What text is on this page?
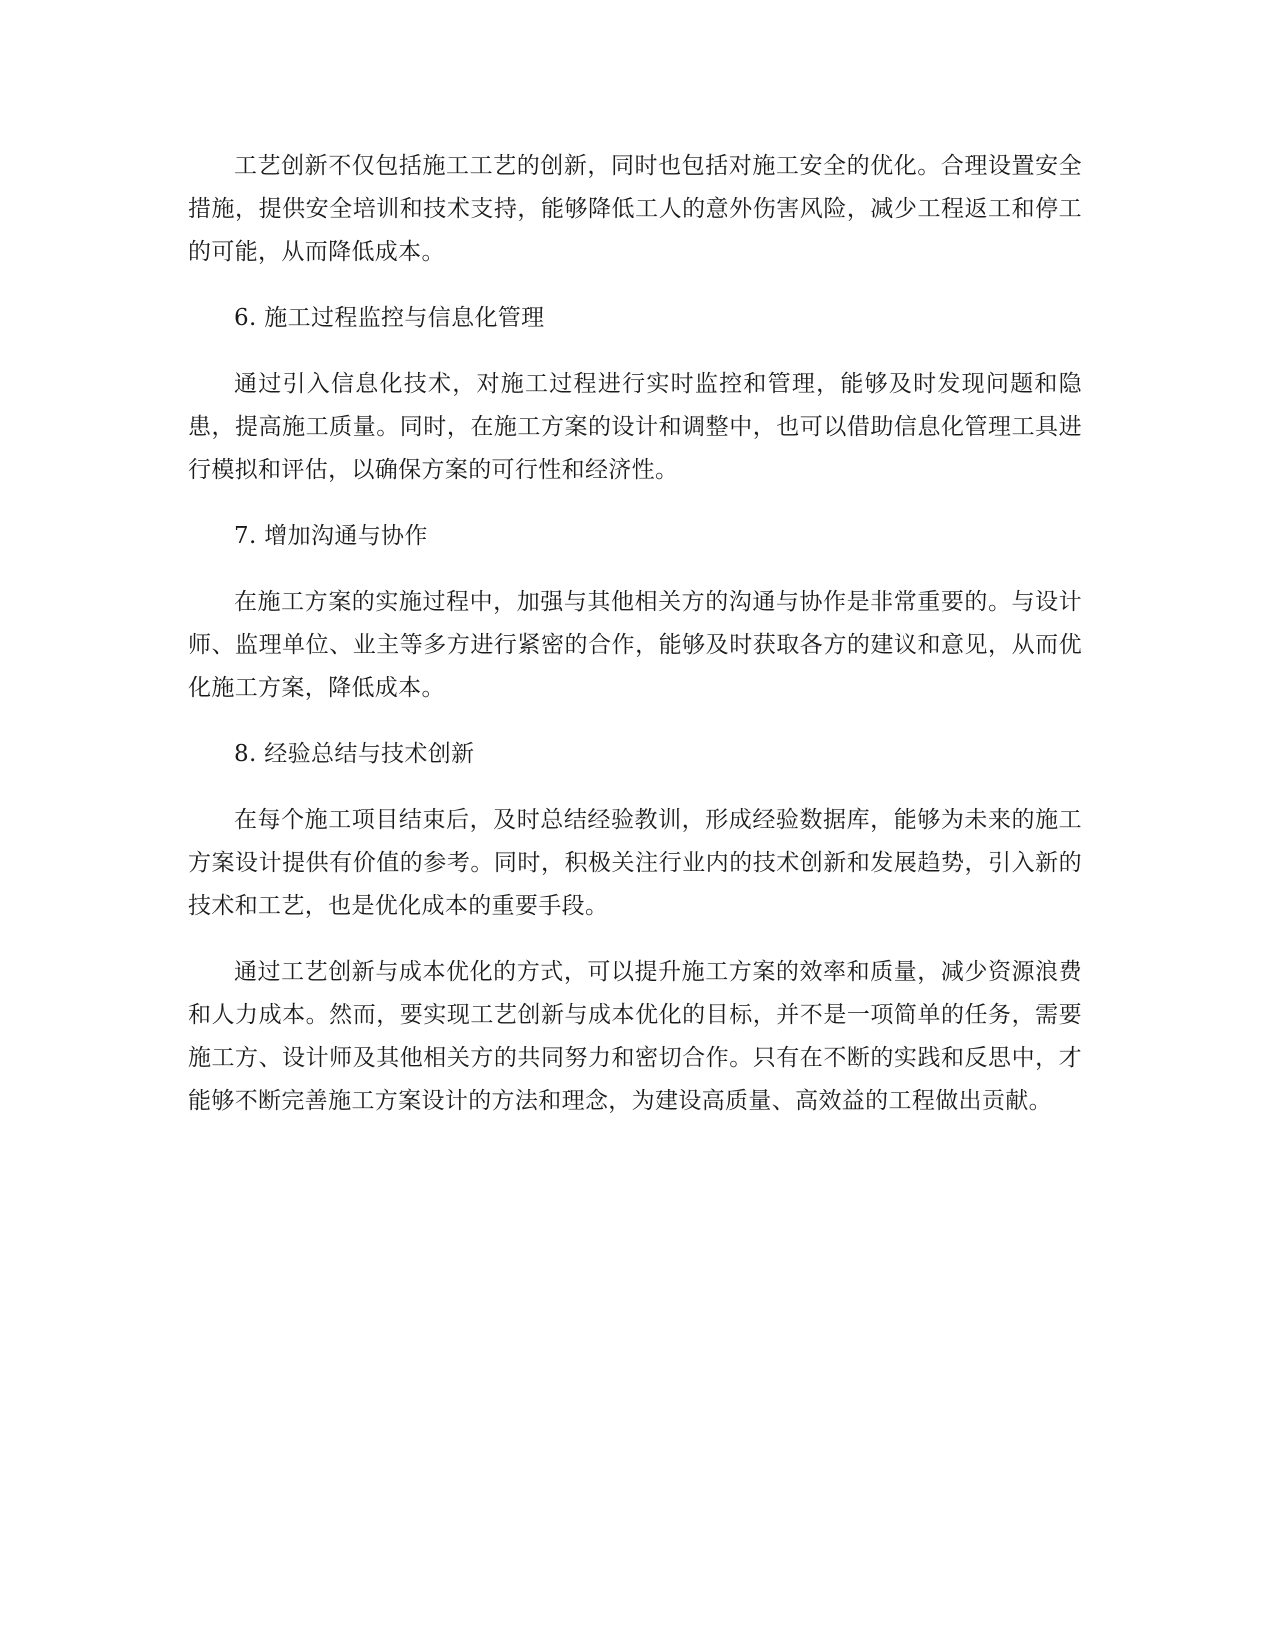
工艺创新不仅包括施工工艺的创新，同时也包括对施工安全的优化。合理设置安全措施，提供安全培训和技术支持，能够降低工人的意外伤害风险，减少工程返工和停工的可能，从而降低成本。

6. 施工过程监控与信息化管理

通过引入信息化技术，对施工过程进行实时监控和管理，能够及时发现问题和隐患，提高施工质量。同时，在施工方案的设计和调整中，也可以借助信息化管理工具进行模拟和评估，以确保方案的可行性和经济性。

7. 增加沟通与协作

在施工方案的实施过程中，加强与其他相关方的沟通与协作是非常重要的。与设计师、监理单位、业主等多方进行紧密的合作，能够及时获取各方的建议和意见，从而优化施工方案，降低成本。

8. 经验总结与技术创新

在每个施工项目结束后，及时总结经验教训，形成经验数据库，能够为未来的施工方案设计提供有价值的参考。同时，积极关注行业内的技术创新和发展趋势，引入新的技术和工艺，也是优化成本的重要手段。

通过工艺创新与成本优化的方式，可以提升施工方案的效率和质量，减少资源浪费和人力成本。然而，要实现工艺创新与成本优化的目标，并不是一项简单的任务，需要施工方、设计师及其他相关方的共同努力和密切合作。只有在不断的实践和反思中，才能够不断完善施工方案设计的方法和理念，为建设高质量、高效益的工程做出贡献。
